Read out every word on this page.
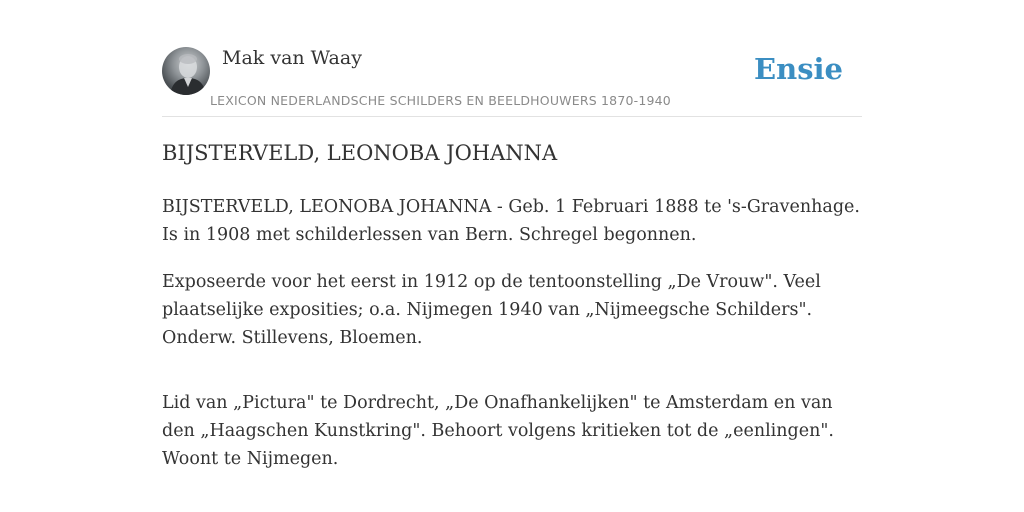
Mak van Waay
LEXICON NEDERLANDSCHE SCHILDERS EN BEELDHOUWERS 1870-1940
Ensie
BIJSTERVELD, LEONOBA JOHANNA

BIJSTERVELD, LEONOBA JOHANNA - Geb. 1 Februari 1888 te 's-Gravenhage. Is in 1908 met schilderlessen van Bern. Schregel begonnen.

Exposeerde voor het eerst in 1912 op de tentoonstelling „De Vrouw". Veel plaatselijke exposities; o.a. Nijmegen 1940 van „Nijmeegsche Schilders". Onderw. Stillevens, Bloemen.

Lid van „Pictura" te Dordrecht, „De Onafhankelijken" te Amsterdam en van den „Haagschen Kunstkring". Behoort volgens kritieken tot de „eenlingen". Woont te Nijmegen.
